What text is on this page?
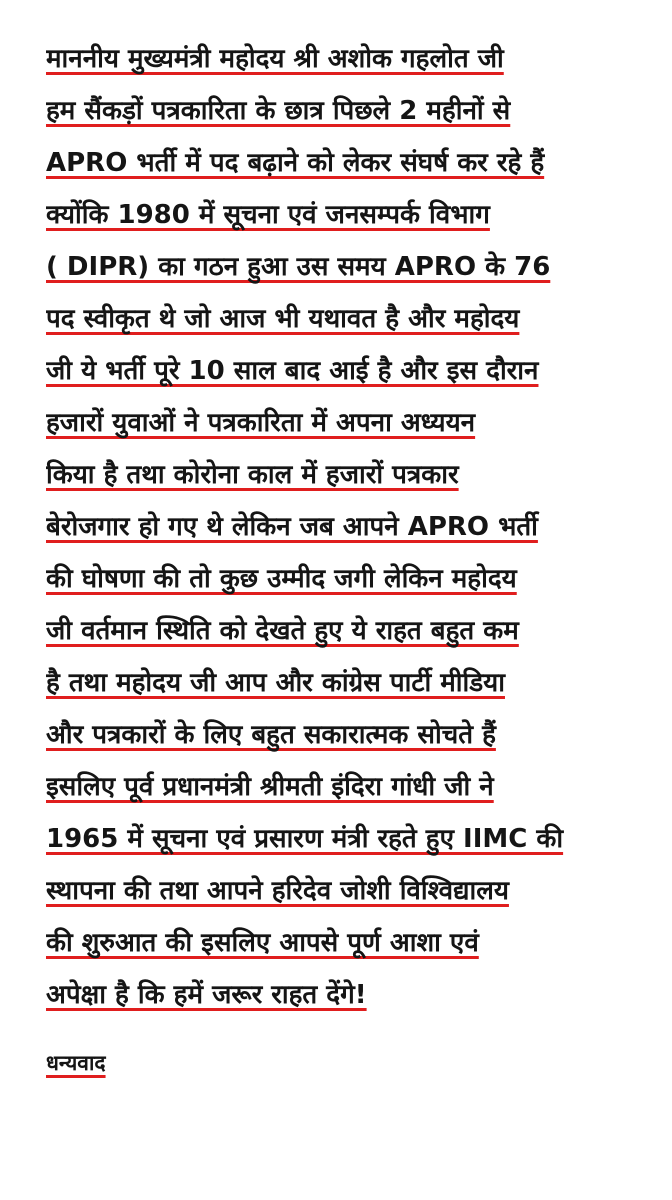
माननीय मुख्यमंत्री महोदय श्री अशोक गहलोत जी
हम सैंकड़ों पत्रकारिता के छात्र पिछले 2 महीनों से
APRO भर्ती में पद बढ़ाने को लेकर संघर्ष कर रहे हैं
क्योंकि 1980 में सूचना एवं जनसम्पर्क विभाग
( DIPR) का गठन हुआ उस समय APRO के 76
पद स्वीकृत थे जो आज भी यथावत है और महोदय
जी ये भर्ती पूरे 10 साल बाद आई है और इस दौरान
हजारों युवाओं ने पत्रकारिता में अपना अध्ययन
किया है तथा कोरोना काल में हजारों पत्रकार
बेरोजगार हो गए थे लेकिन जब आपने APRO भर्ती
की घोषणा की तो कुछ उम्मीद जगी लेकिन महोदय
जी वर्तमान स्थिति को देखते हुए ये राहत बहुत कम
है तथा महोदय जी आप और कांग्रेस पार्टी मीडिया
और पत्रकारों के लिए बहुत सकारात्मक सोचते हैं
इसलिए पूर्व प्रधानमंत्री श्रीमती इंदिरा गांधी जी ने
1965 में सूचना एवं प्रसारण मंत्री रहते हुए IIMC की
स्थापना की तथा आपने हरिदेव जोशी विश्विद्यालय
की शुरुआत की इसलिए आपसे पूर्ण आशा एवं
अपेक्षा है कि हमें जरूर राहत देंगे!
धन्यवाद
